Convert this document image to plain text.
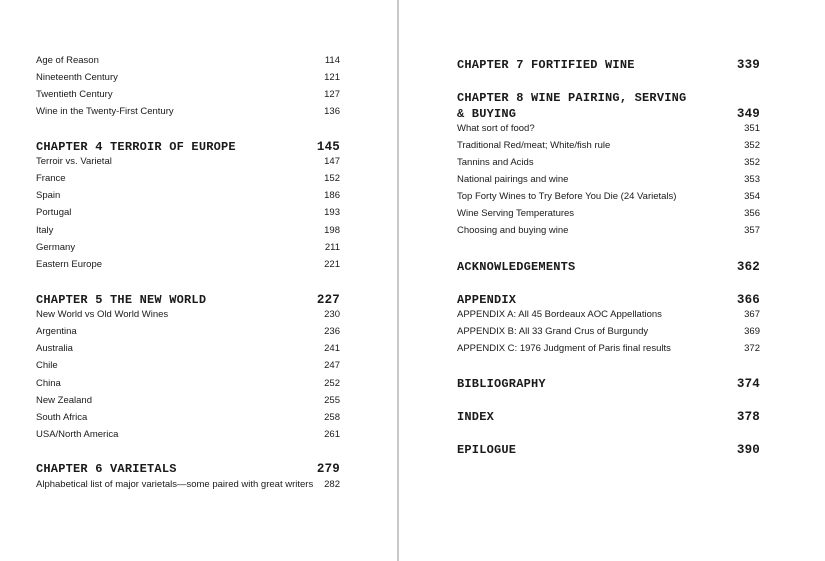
Age of Reason	114
Nineteenth Century	121
Twentieth Century	127
Wine in the Twenty-First Century	136
CHAPTER 4 TERROIR OF EUROPE	145
Terroir vs. Varietal	147
France	152
Spain	186
Portugal	193
Italy	198
Germany	211
Eastern Europe	221
CHAPTER 5 THE NEW WORLD	227
New World vs Old World Wines	230
Argentina	236
Australia	241
Chile	247
China	252
New Zealand	255
South Africa	258
USA/North America	261
CHAPTER 6 VARIETALS	279
Alphabetical list of major varietals—some paired with great writers 282
CHAPTER 7 FORTIFIED WINE	339
CHAPTER 8 WINE PAIRING, SERVING
& BUYING	349
What sort of food?	351
Traditional Red/meat; White/fish rule	352
Tannins and Acids	352
National pairings and wine	353
Top Forty Wines to Try Before You Die (24 Varietals)	354
Wine Serving Temperatures	356
Choosing and buying wine	357
ACKNOWLEDGEMENTS	362
APPENDIX	366
APPENDIX A: All 45 Bordeaux AOC Appellations	367
APPENDIX B: All 33 Grand Crus of Burgundy	369
APPENDIX C: 1976 Judgment of Paris final results	372
BIBLIOGRAPHY	374
INDEX	378
EPILOGUE	390
